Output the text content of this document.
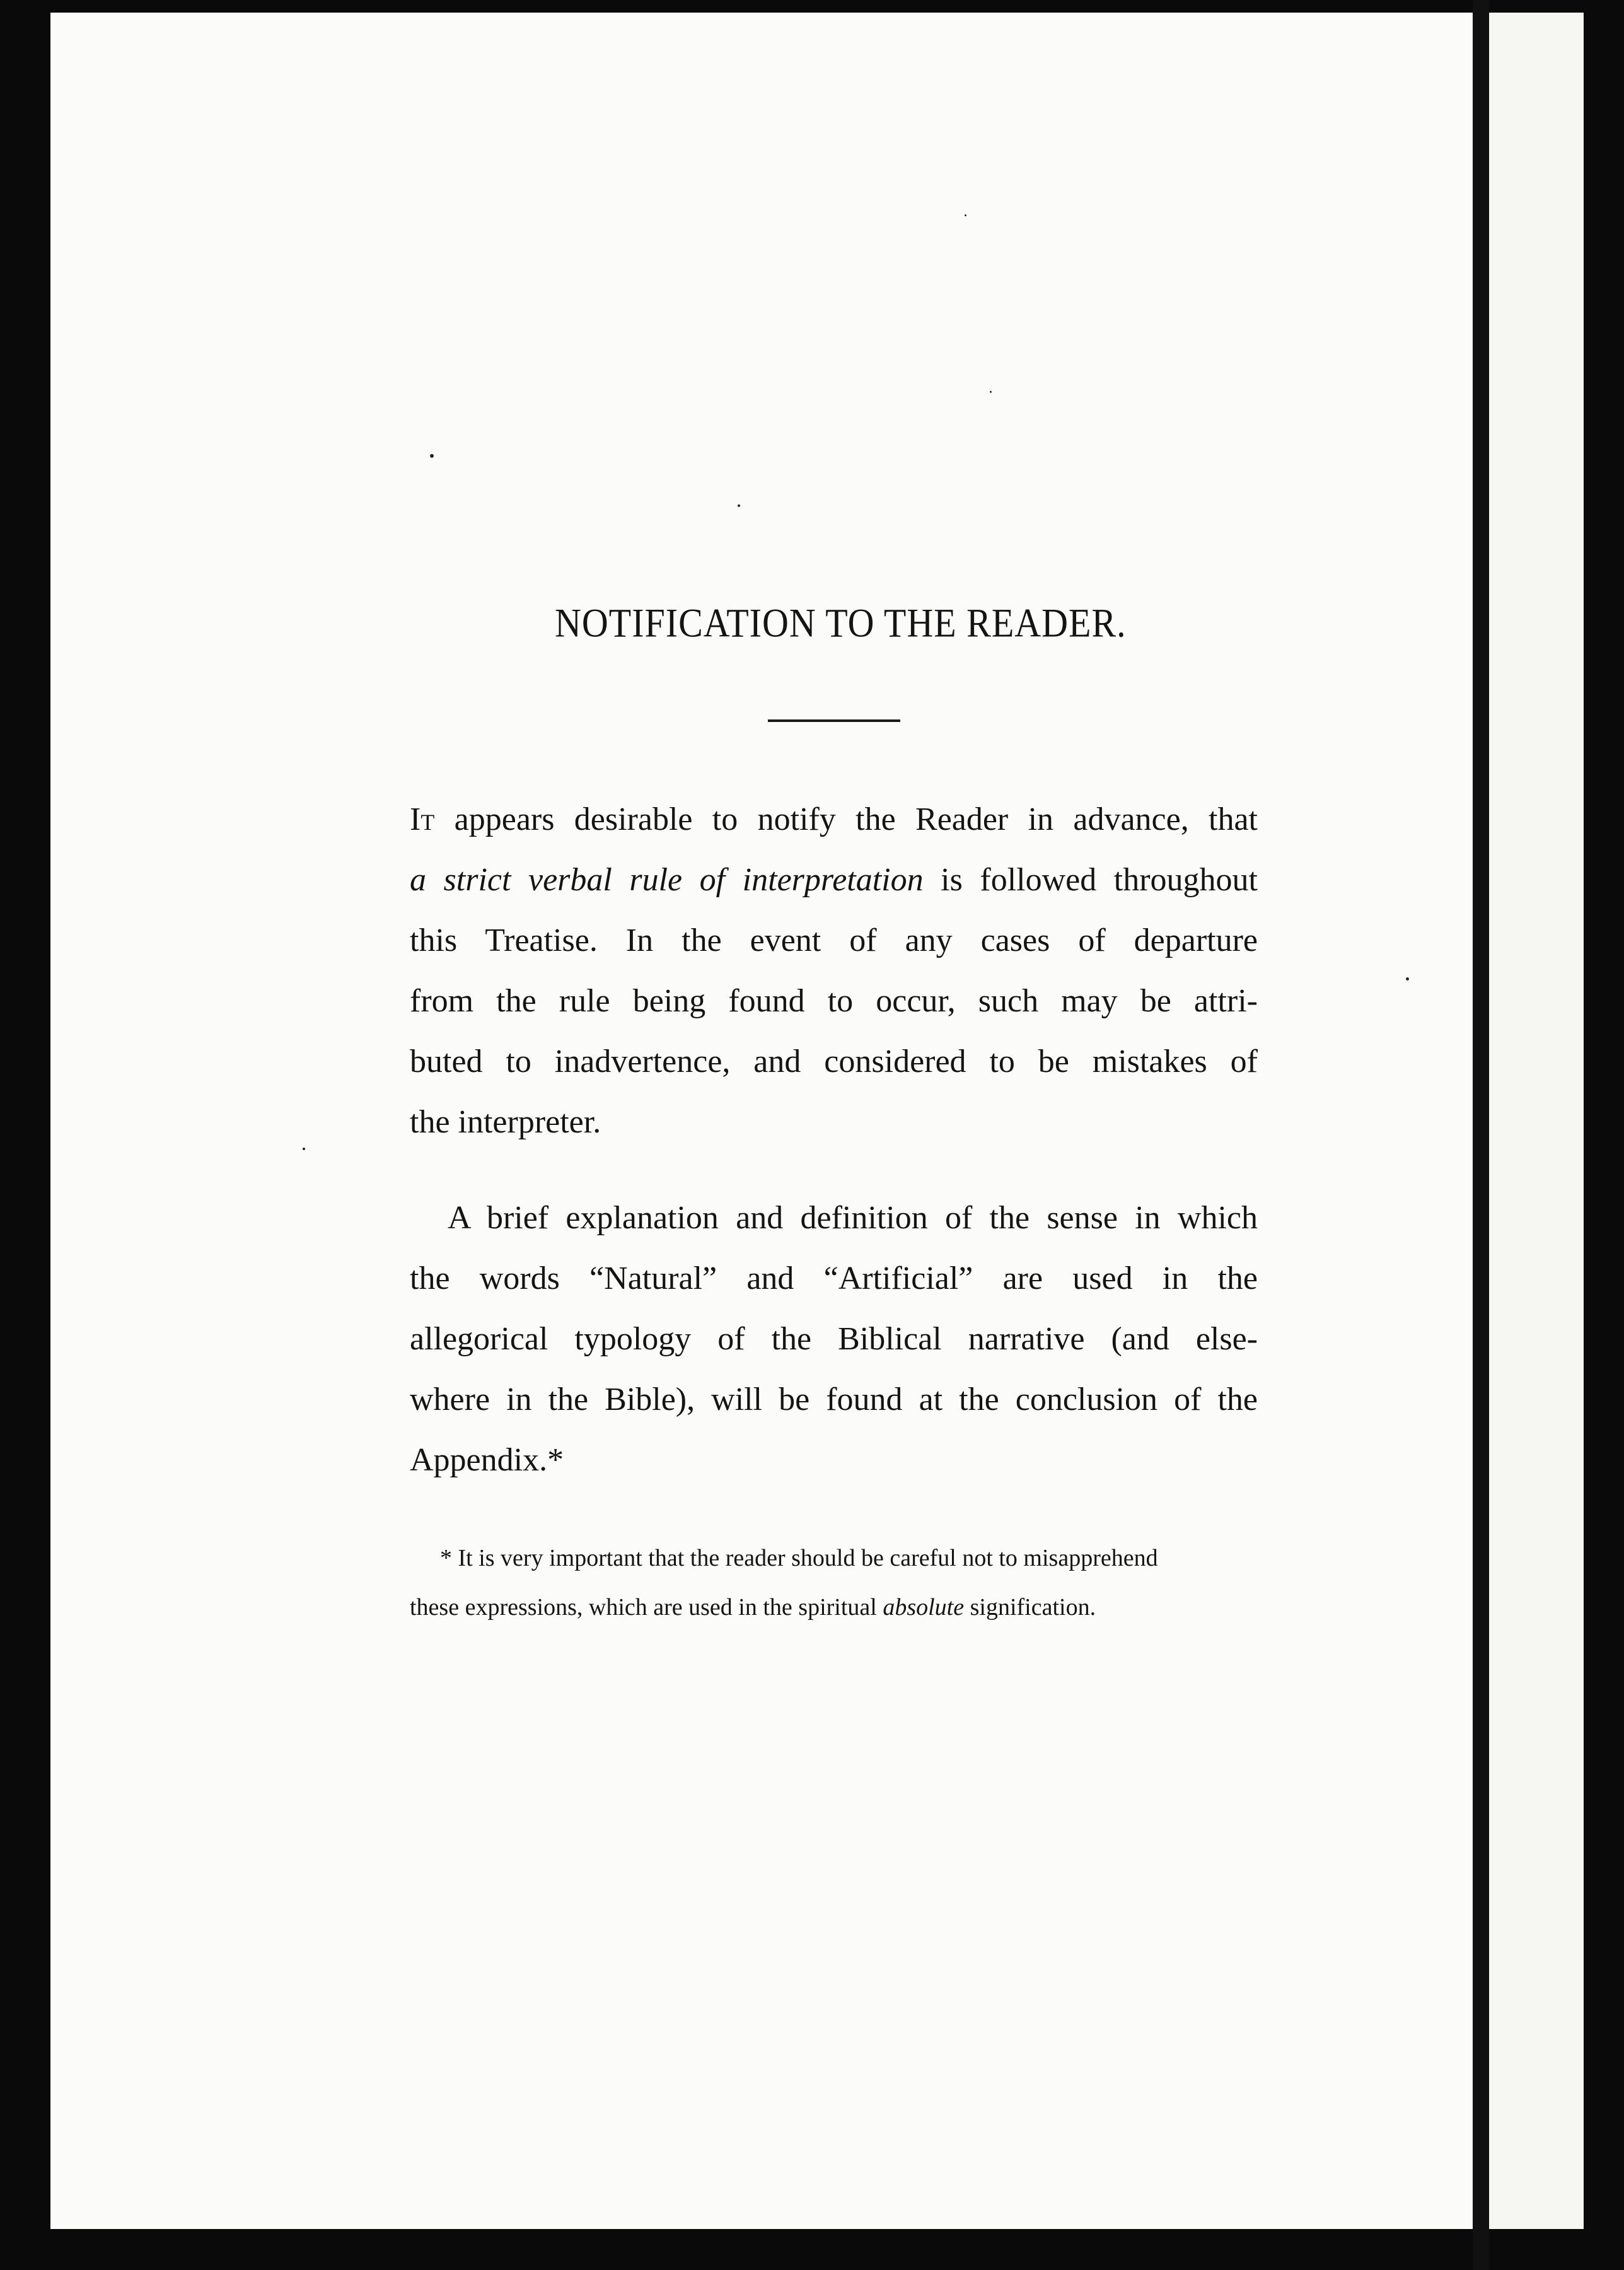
NOTIFICATION TO THE READER.
It appears desirable to notify the Reader in advance, that
a strict verbal rule of interpretation is followed throughout
this Treatise. In the event of any cases of departure
from the rule being found to occur, such may be attri-
buted to inadvertence, and considered to be mistakes of
the interpreter.
A brief explanation and definition of the sense in which
the words “Natural” and “Artificial” are used in the
allegorical typology of the Biblical narrative (and else-
where in the Bible), will be found at the conclusion of the
Appendix.*
* It is very important that the reader should be careful not to misapprehend
these expressions, which are used in the spiritual absolute signification.
